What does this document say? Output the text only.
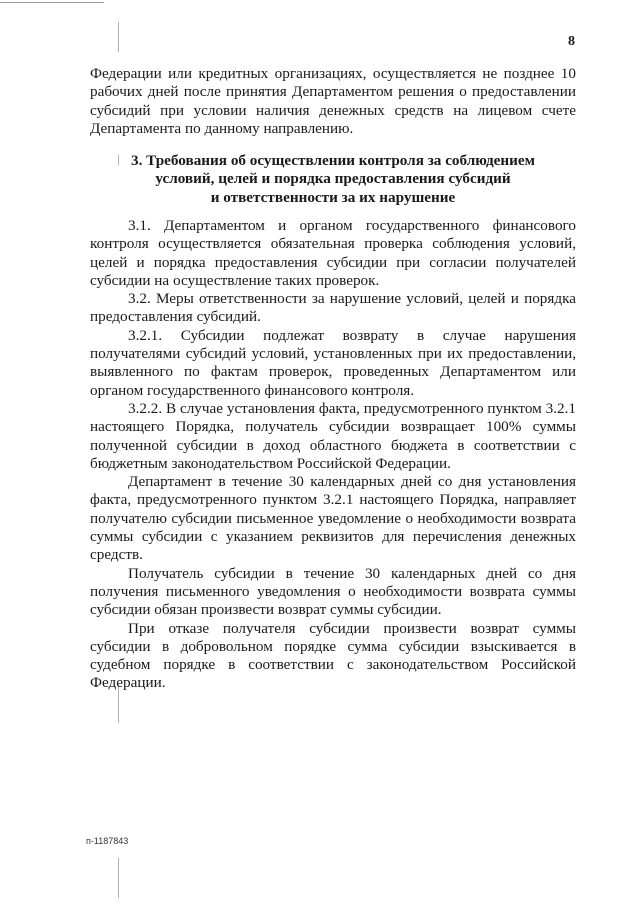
8

Федерации или кредитных организациях, осуществляется не позднее 10 рабочих дней после принятия Департаментом решения о предоставлении субсидий при условии наличия денежных средств на лицевом счете Департамента по данному направлению.

3. Требования об осуществлении контроля за соблюдением
условий, целей и порядка предоставления субсидий
и ответственности за их нарушение

3.1. Департаментом и органом государственного финансового контроля осуществляется обязательная проверка соблюдения условий, целей и порядка предоставления субсидии при согласии получателей субсидии на осуществление таких проверок.

3.2. Меры ответственности за нарушение условий, целей и порядка предоставления субсидий.

3.2.1. Субсидии подлежат возврату в случае нарушения получателями субсидий условий, установленных при их предоставлении, выявленного по фактам проверок, проведенных Департаментом или органом государственного финансового контроля.

3.2.2. В случае установления факта, предусмотренного пунктом 3.2.1 настоящего Порядка, получатель субсидии возвращает 100% суммы полученной субсидии в доход областного бюджета в соответствии с бюджетным законодательством Российской Федерации.

Департамент в течение 30 календарных дней со дня установления факта, предусмотренного пунктом 3.2.1 настоящего Порядка, направляет получателю субсидии письменное уведомление о необходимости возврата суммы субсидии с указанием реквизитов для перечисления денежных средств.

Получатель субсидии в течение 30 календарных дней со дня получения письменного уведомления о необходимости возврата суммы субсидии обязан произвести возврат суммы субсидии.

При отказе получателя субсидии произвести возврат суммы субсидии в добровольном порядке сумма субсидии взыскивается в судебном порядке в соответствии с законодательством Российской Федерации.

п-1187843
